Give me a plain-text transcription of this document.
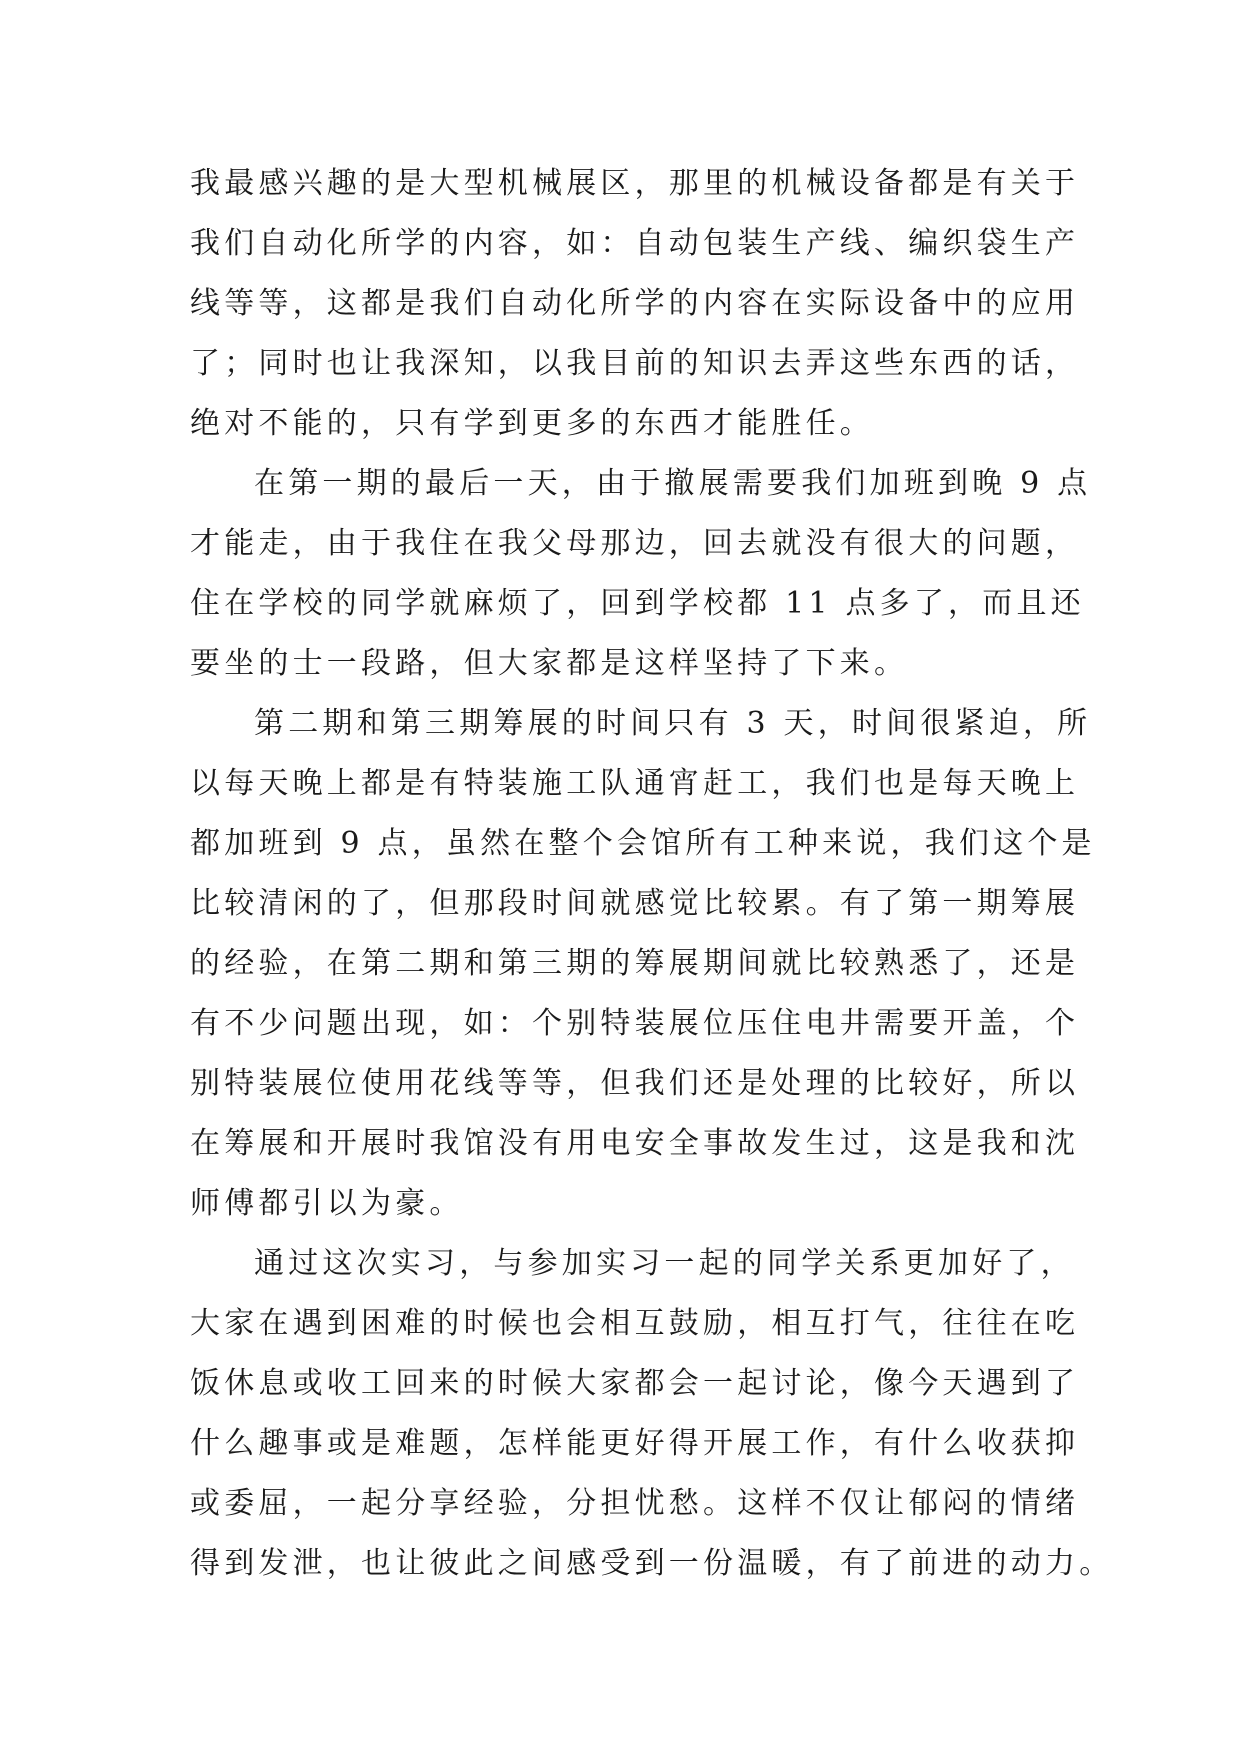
我最感兴趣的是大型机械展区，那里的机械设备都是有关于
我们自动化所学的内容，如：自动包装生产线、编织袋生产
线等等，这都是我们自动化所学的内容在实际设备中的应用
了；同时也让我深知，以我目前的知识去弄这些东西的话，
绝对不能的，只有学到更多的东西才能胜任。
在第一期的最后一天，由于撤展需要我们加班到晚 9 点
才能走，由于我住在我父母那边，回去就没有很大的问题，
住在学校的同学就麻烦了，回到学校都 11 点多了，而且还
要坐的士一段路，但大家都是这样坚持了下来。
第二期和第三期筹展的时间只有 3 天，时间很紧迫，所
以每天晚上都是有特装施工队通宵赶工，我们也是每天晚上
都加班到 9 点，虽然在整个会馆所有工种来说，我们这个是
比较清闲的了，但那段时间就感觉比较累。有了第一期筹展
的经验，在第二期和第三期的筹展期间就比较熟悉了，还是
有不少问题出现，如：个别特装展位压住电井需要开盖，个
别特装展位使用花线等等，但我们还是处理的比较好，所以
在筹展和开展时我馆没有用电安全事故发生过，这是我和沈
师傅都引以为豪。
通过这次实习，与参加实习一起的同学关系更加好了，
大家在遇到困难的时候也会相互鼓励，相互打气，往往在吃
饭休息或收工回来的时候大家都会一起讨论，像今天遇到了
什么趣事或是难题，怎样能更好得开展工作，有什么收获抑
或委屈，一起分享经验，分担忧愁。这样不仅让郁闷的情绪
得到发泄，也让彼此之间感受到一份温暖，有了前进的动力。
